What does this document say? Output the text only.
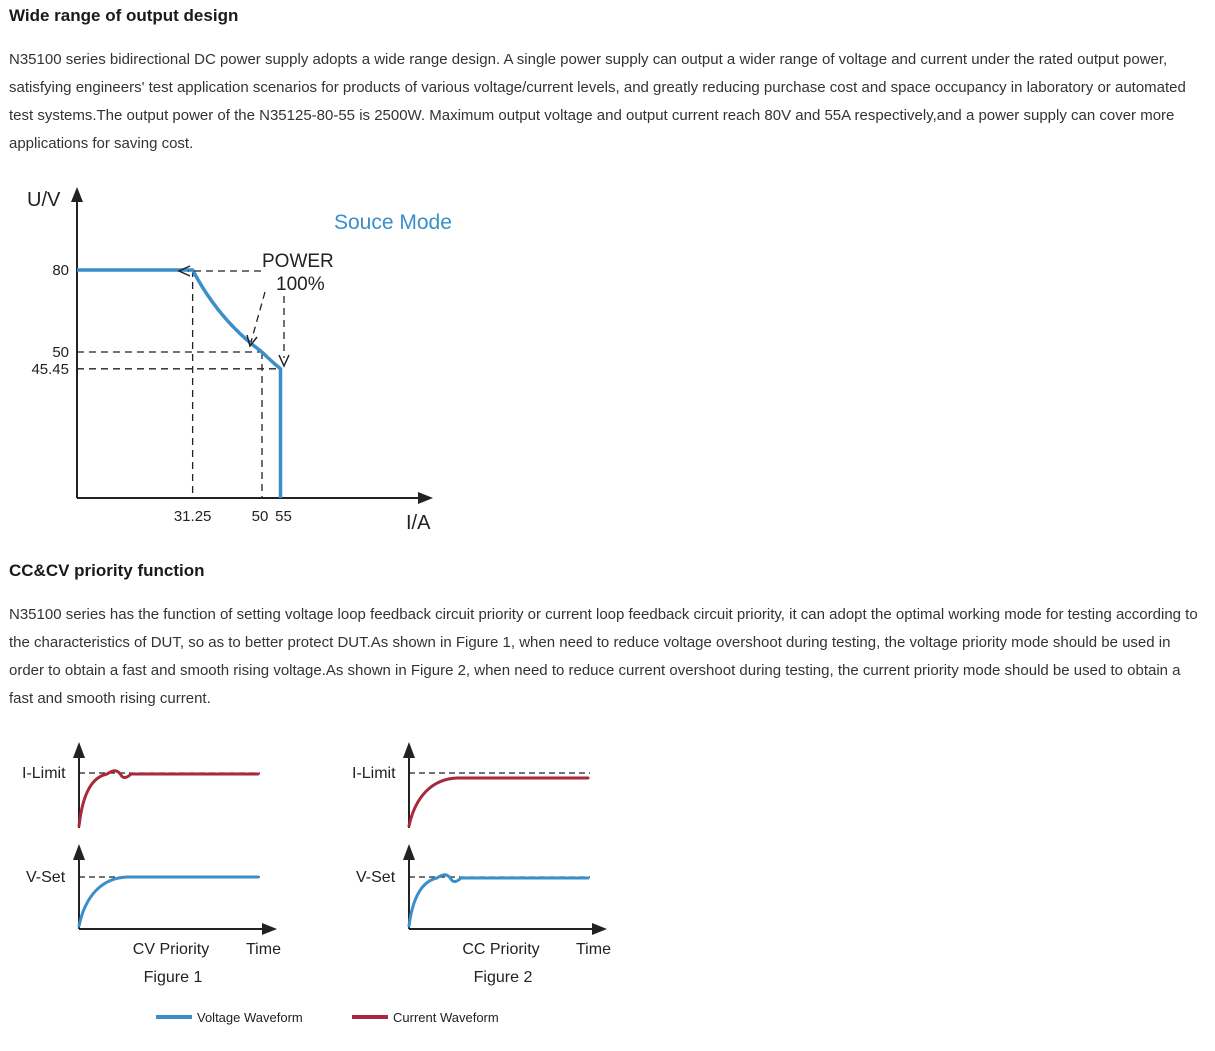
Wide range of output design

N35100 series bidirectional DC power supply adopts a wide range design. A single power supply can output a wider range of voltage and current under the rated output power, satisfying engineers' test application scenarios for products of various voltage/current levels, and greatly reducing purchase cost and space occupancy in laboratory or automated test systems.The output power of the N35125-80-55 is 2500W. Maximum output voltage and output current reach 80V and 55A respectively,and a power supply can cover more applications for saving cost.

U/V
I/A
Souce Mode
80
50
45.45
31.25	50 55
POWER
100%
CC&CV priority function

N35100 series has the function of setting voltage loop feedback circuit priority or current loop feedback circuit priority, it can adopt the optimal working mode for testing according to the characteristics of DUT, so as to better protect DUT.As shown in Figure 1, when need to reduce voltage overshoot during testing, the voltage priority mode should be used in order to obtain a fast and smooth rising voltage.As shown in Figure 2, when need to reduce current overshoot during testing, the current priority mode should be used to obtain a fast and smooth rising current.

I-Limit
V-Set
Time
CV Priority
Figure 1
I-Limit
V-Set
Time
CC Priority
Figure 2
Voltage Waveform	Current Waveform
